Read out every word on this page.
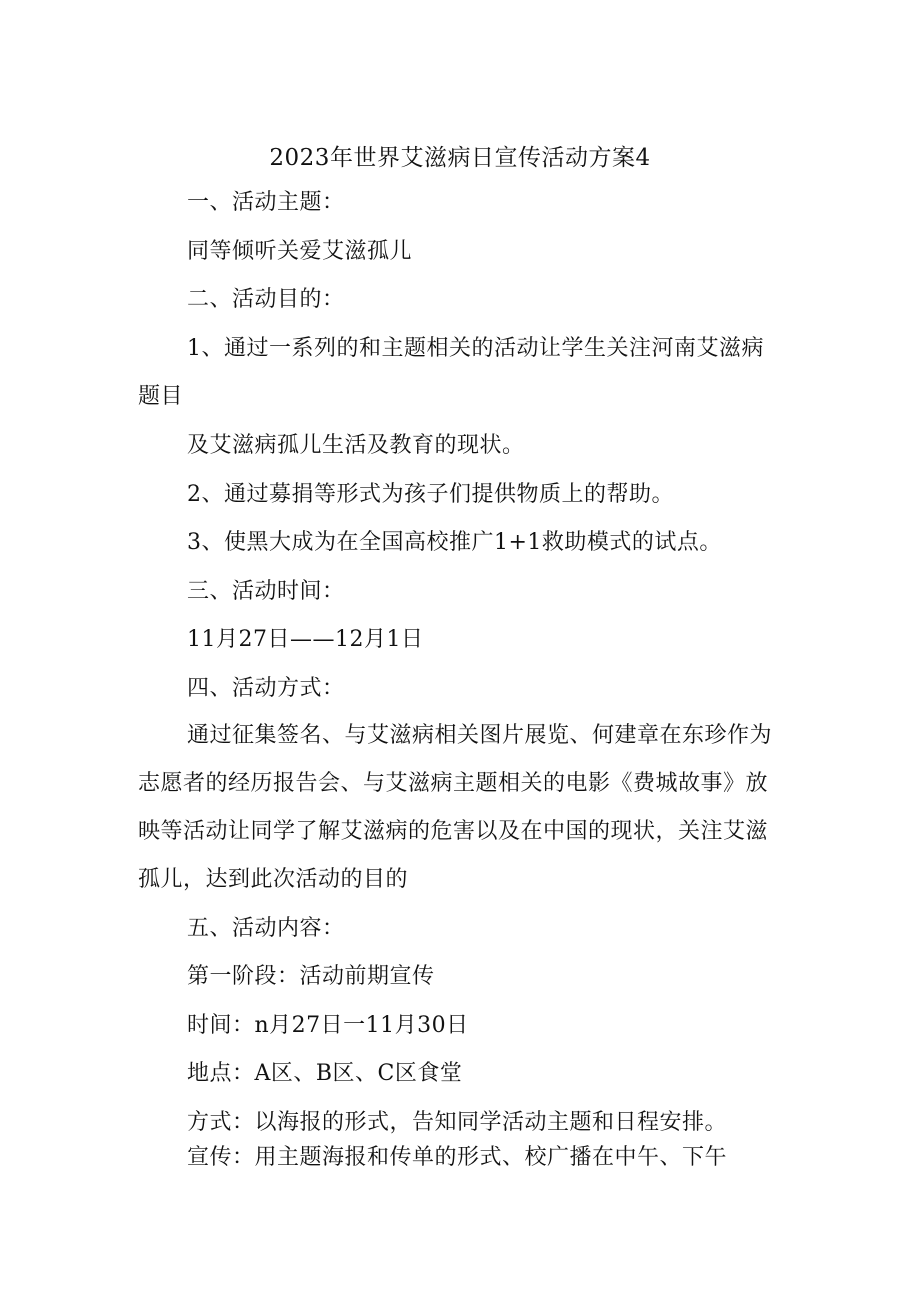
2023年世界艾滋病日宣传活动方案4
一、活动主题：
同等倾听关爱艾滋孤儿
二、活动目的：
1、通过一系列的和主题相关的活动让学生关注河南艾滋病
题目
及艾滋病孤儿生活及教育的现状。
2、通过募捐等形式为孩子们提供物质上的帮助。
3、使黑大成为在全国高校推广1+1救助模式的试点。
三、活动时间：
11月27日——12月1日
四、活动方式：
通过征集签名、与艾滋病相关图片展览、何建章在东珍作为
志愿者的经历报告会、与艾滋病主题相关的电影《费城故事》放
映等活动让同学了解艾滋病的危害以及在中国的现状，关注艾滋
孤儿，达到此次活动的目的
五、活动内容：
第一阶段：活动前期宣传
时间：n月27日一11月30日
地点：A区、B区、C区食堂
方式：以海报的形式，告知同学活动主题和日程安排。
宣传：用主题海报和传单的形式、校广播在中午、下午
